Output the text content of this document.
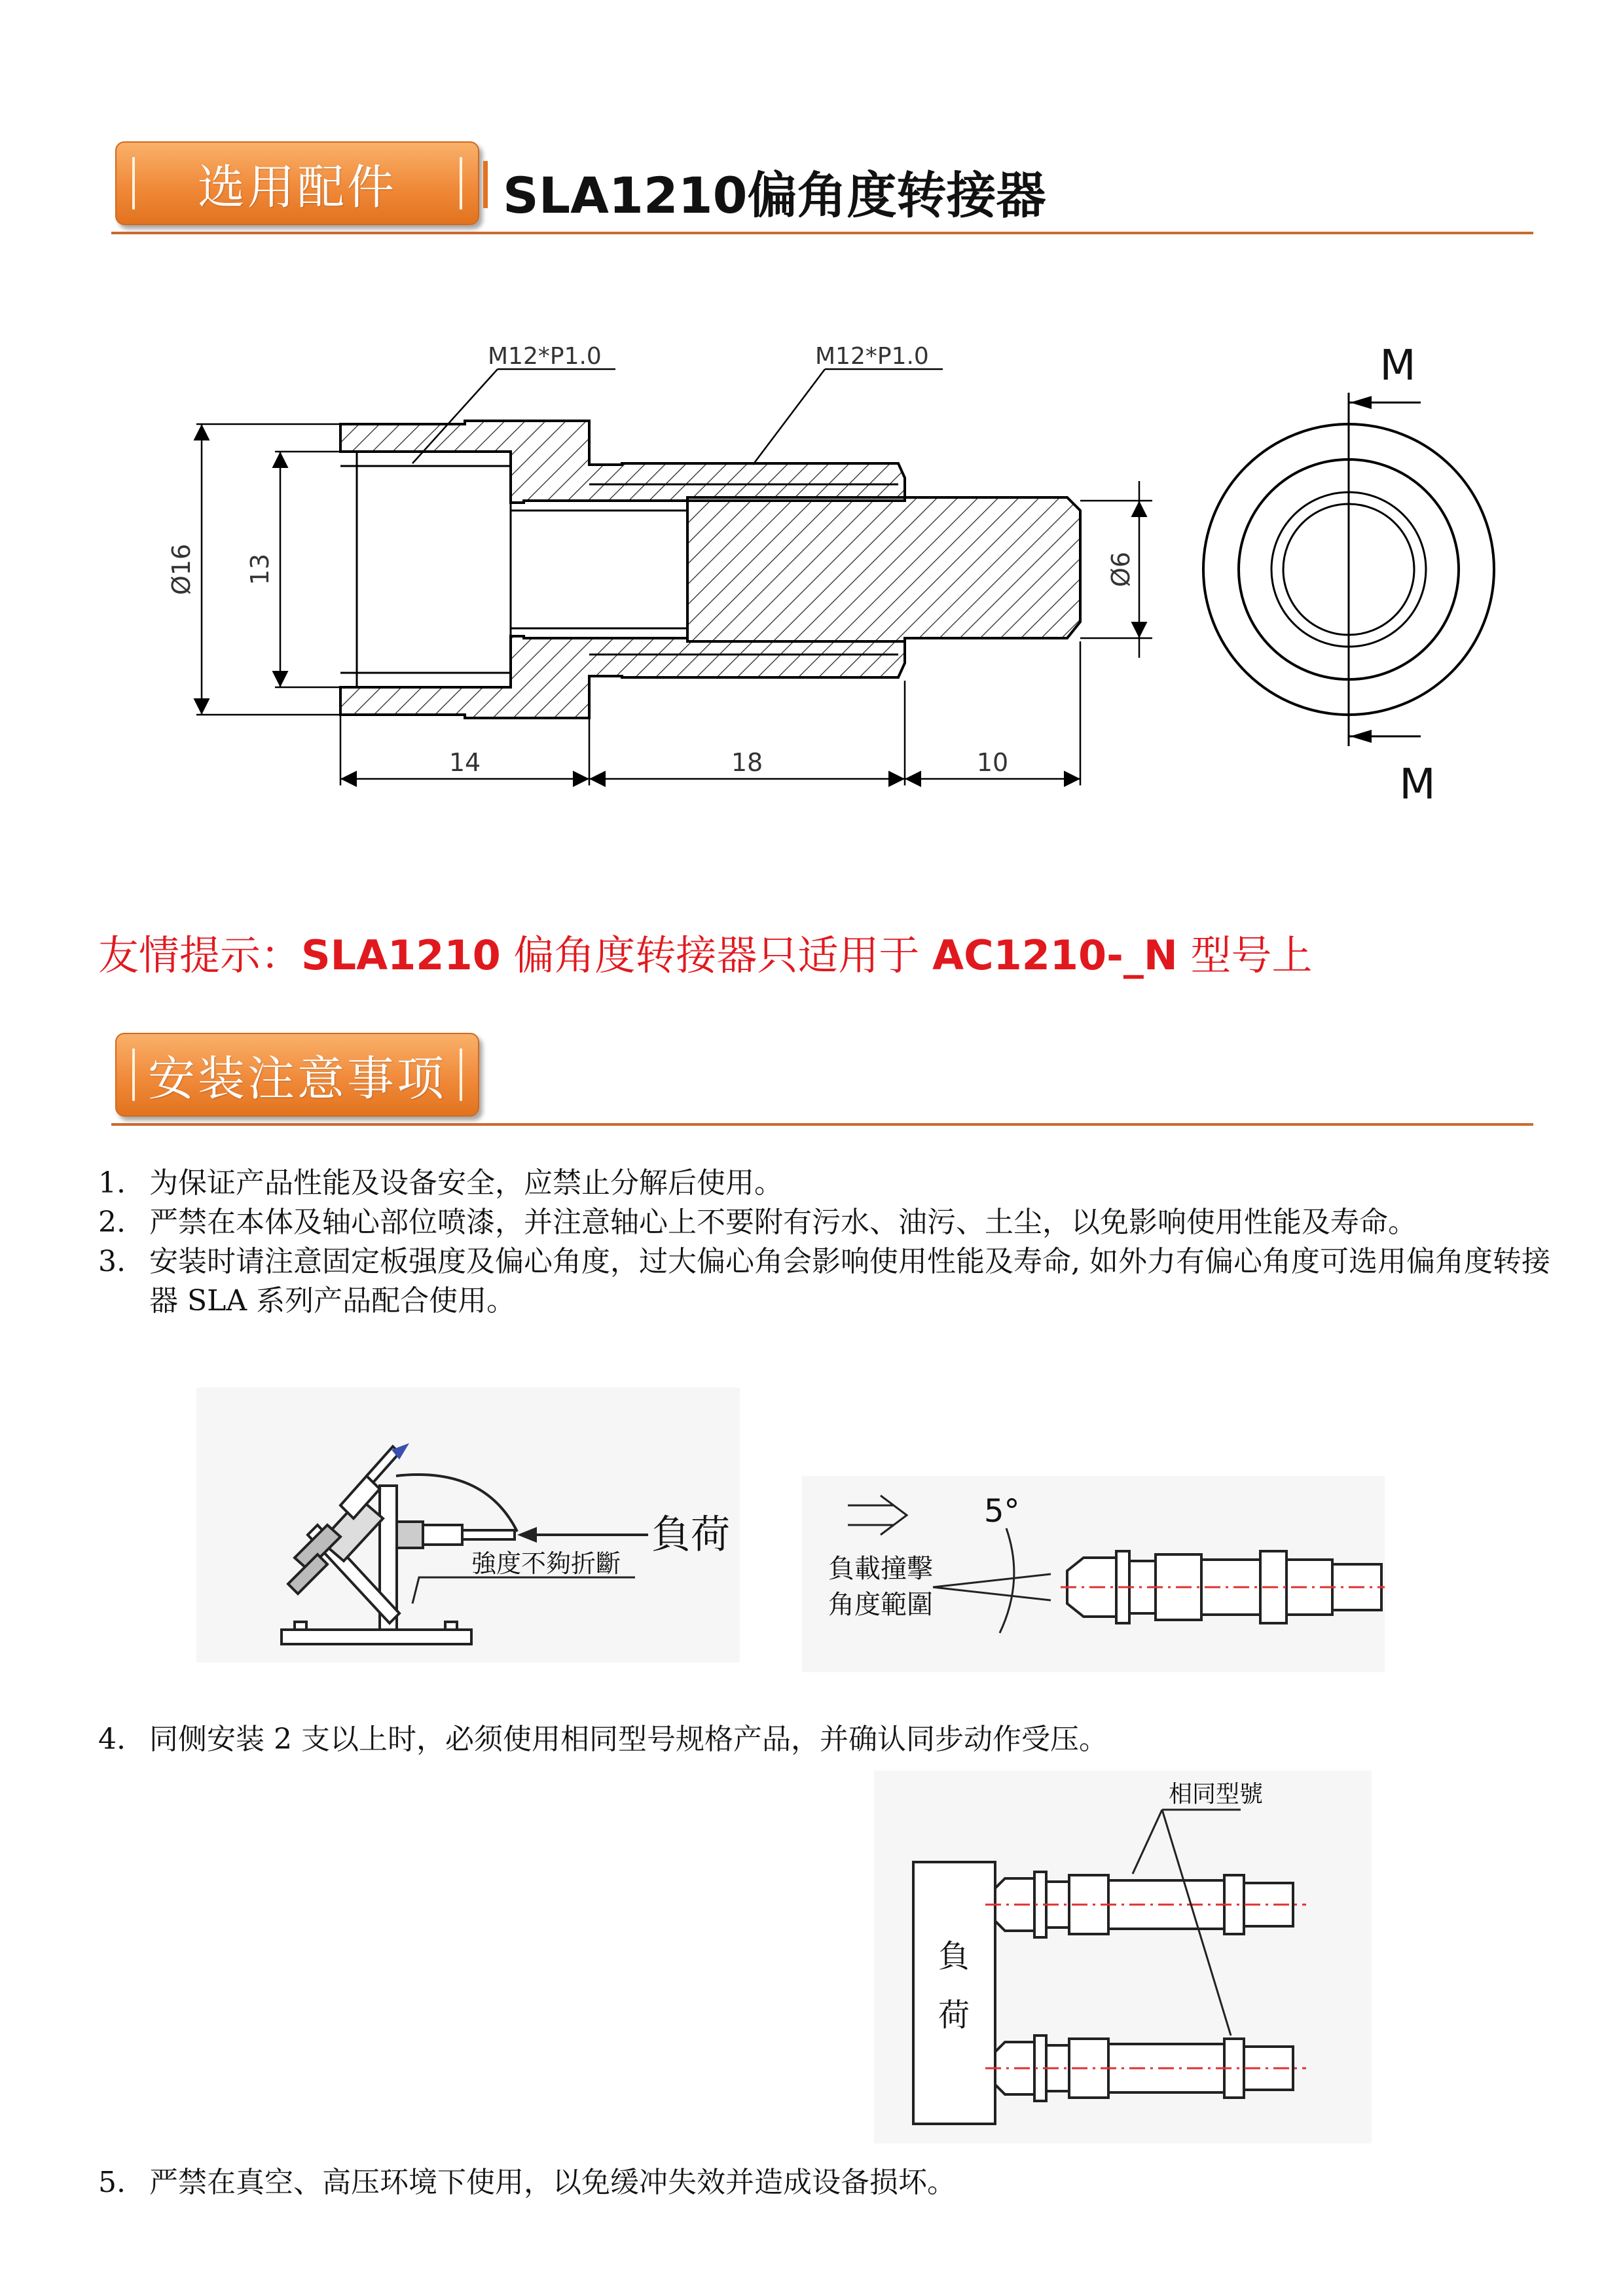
选用配件	SLA1210偏角度转接器
M12*P1.0	M12*P1.0
Ø16 13	Ø6
14	18	10
M
M
友情提示：SLA1210 偏角度转接器只适用于 AC1210-_N 型号上
安装注意事项
1. 为保证产品性能及设备安全，应禁止分解后使用。
2. 严禁在本体及轴心部位喷漆，并注意轴心上不要附有污水、油污、土尘，以免影响使用性能及寿命。
3. 安装时请注意固定板强度及偏心角度，过大偏心角会影响使用性能及寿命, 如外力有偏心角度可选用偏角度转接器 SLA 系列产品配合使用。
負荷
強度不夠折斷
5°
負載撞擊
角度範圍
4. 同侧安装 2 支以上时，必须使用相同型号规格产品，并确认同步动作受压。
負
荷
相同型號
5. 严禁在真空、高压环境下使用，以免缓冲失效并造成设备损坏。
